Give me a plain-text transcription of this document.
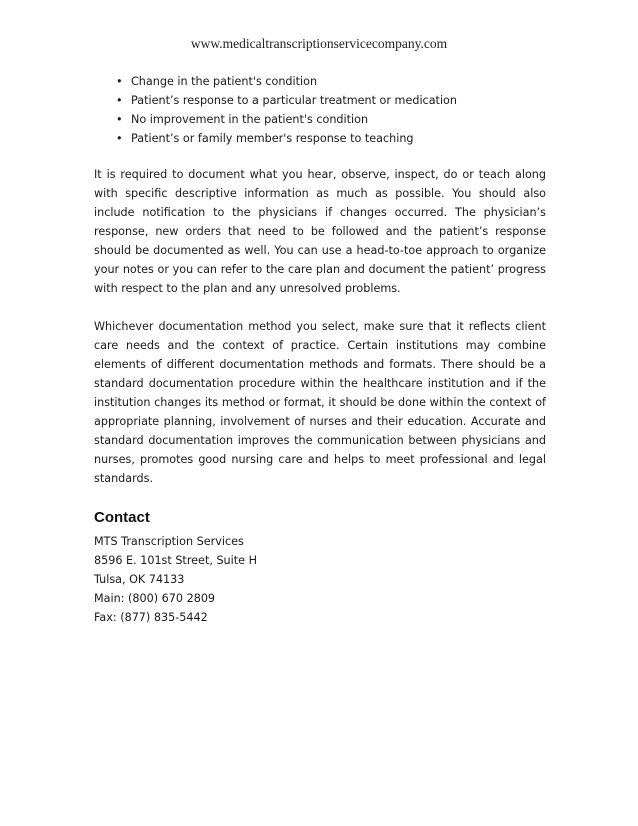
www.medicaltranscriptionservicecompany.com

• Change in the patient's condition
• Patient’s response to a particular treatment or medication
• No improvement in the patient's condition
• Patient’s or family member's response to teaching

It is required to document what you hear, observe, inspect, do or teach along with specific descriptive information as much as possible. You should also include notification to the physicians if changes occurred. The physician’s response, new orders that need to be followed and the patient’s response should be documented as well. You can use a head-to-toe approach to organize your notes or you can refer to the care plan and document the patient’ progress with respect to the plan and any unresolved problems.

Whichever documentation method you select, make sure that it reflects client care needs and the context of practice. Certain institutions may combine elements of different documentation methods and formats. There should be a standard documentation procedure within the healthcare institution and if the institution changes its method or format, it should be done within the context of appropriate planning, involvement of nurses and their education. Accurate and standard documentation improves the communication between physicians and nurses, promotes good nursing care and helps to meet professional and legal standards.

Contact
MTS Transcription Services
8596 E. 101st Street, Suite H
Tulsa, OK 74133
Main: (800) 670 2809
Fax: (877) 835-5442
